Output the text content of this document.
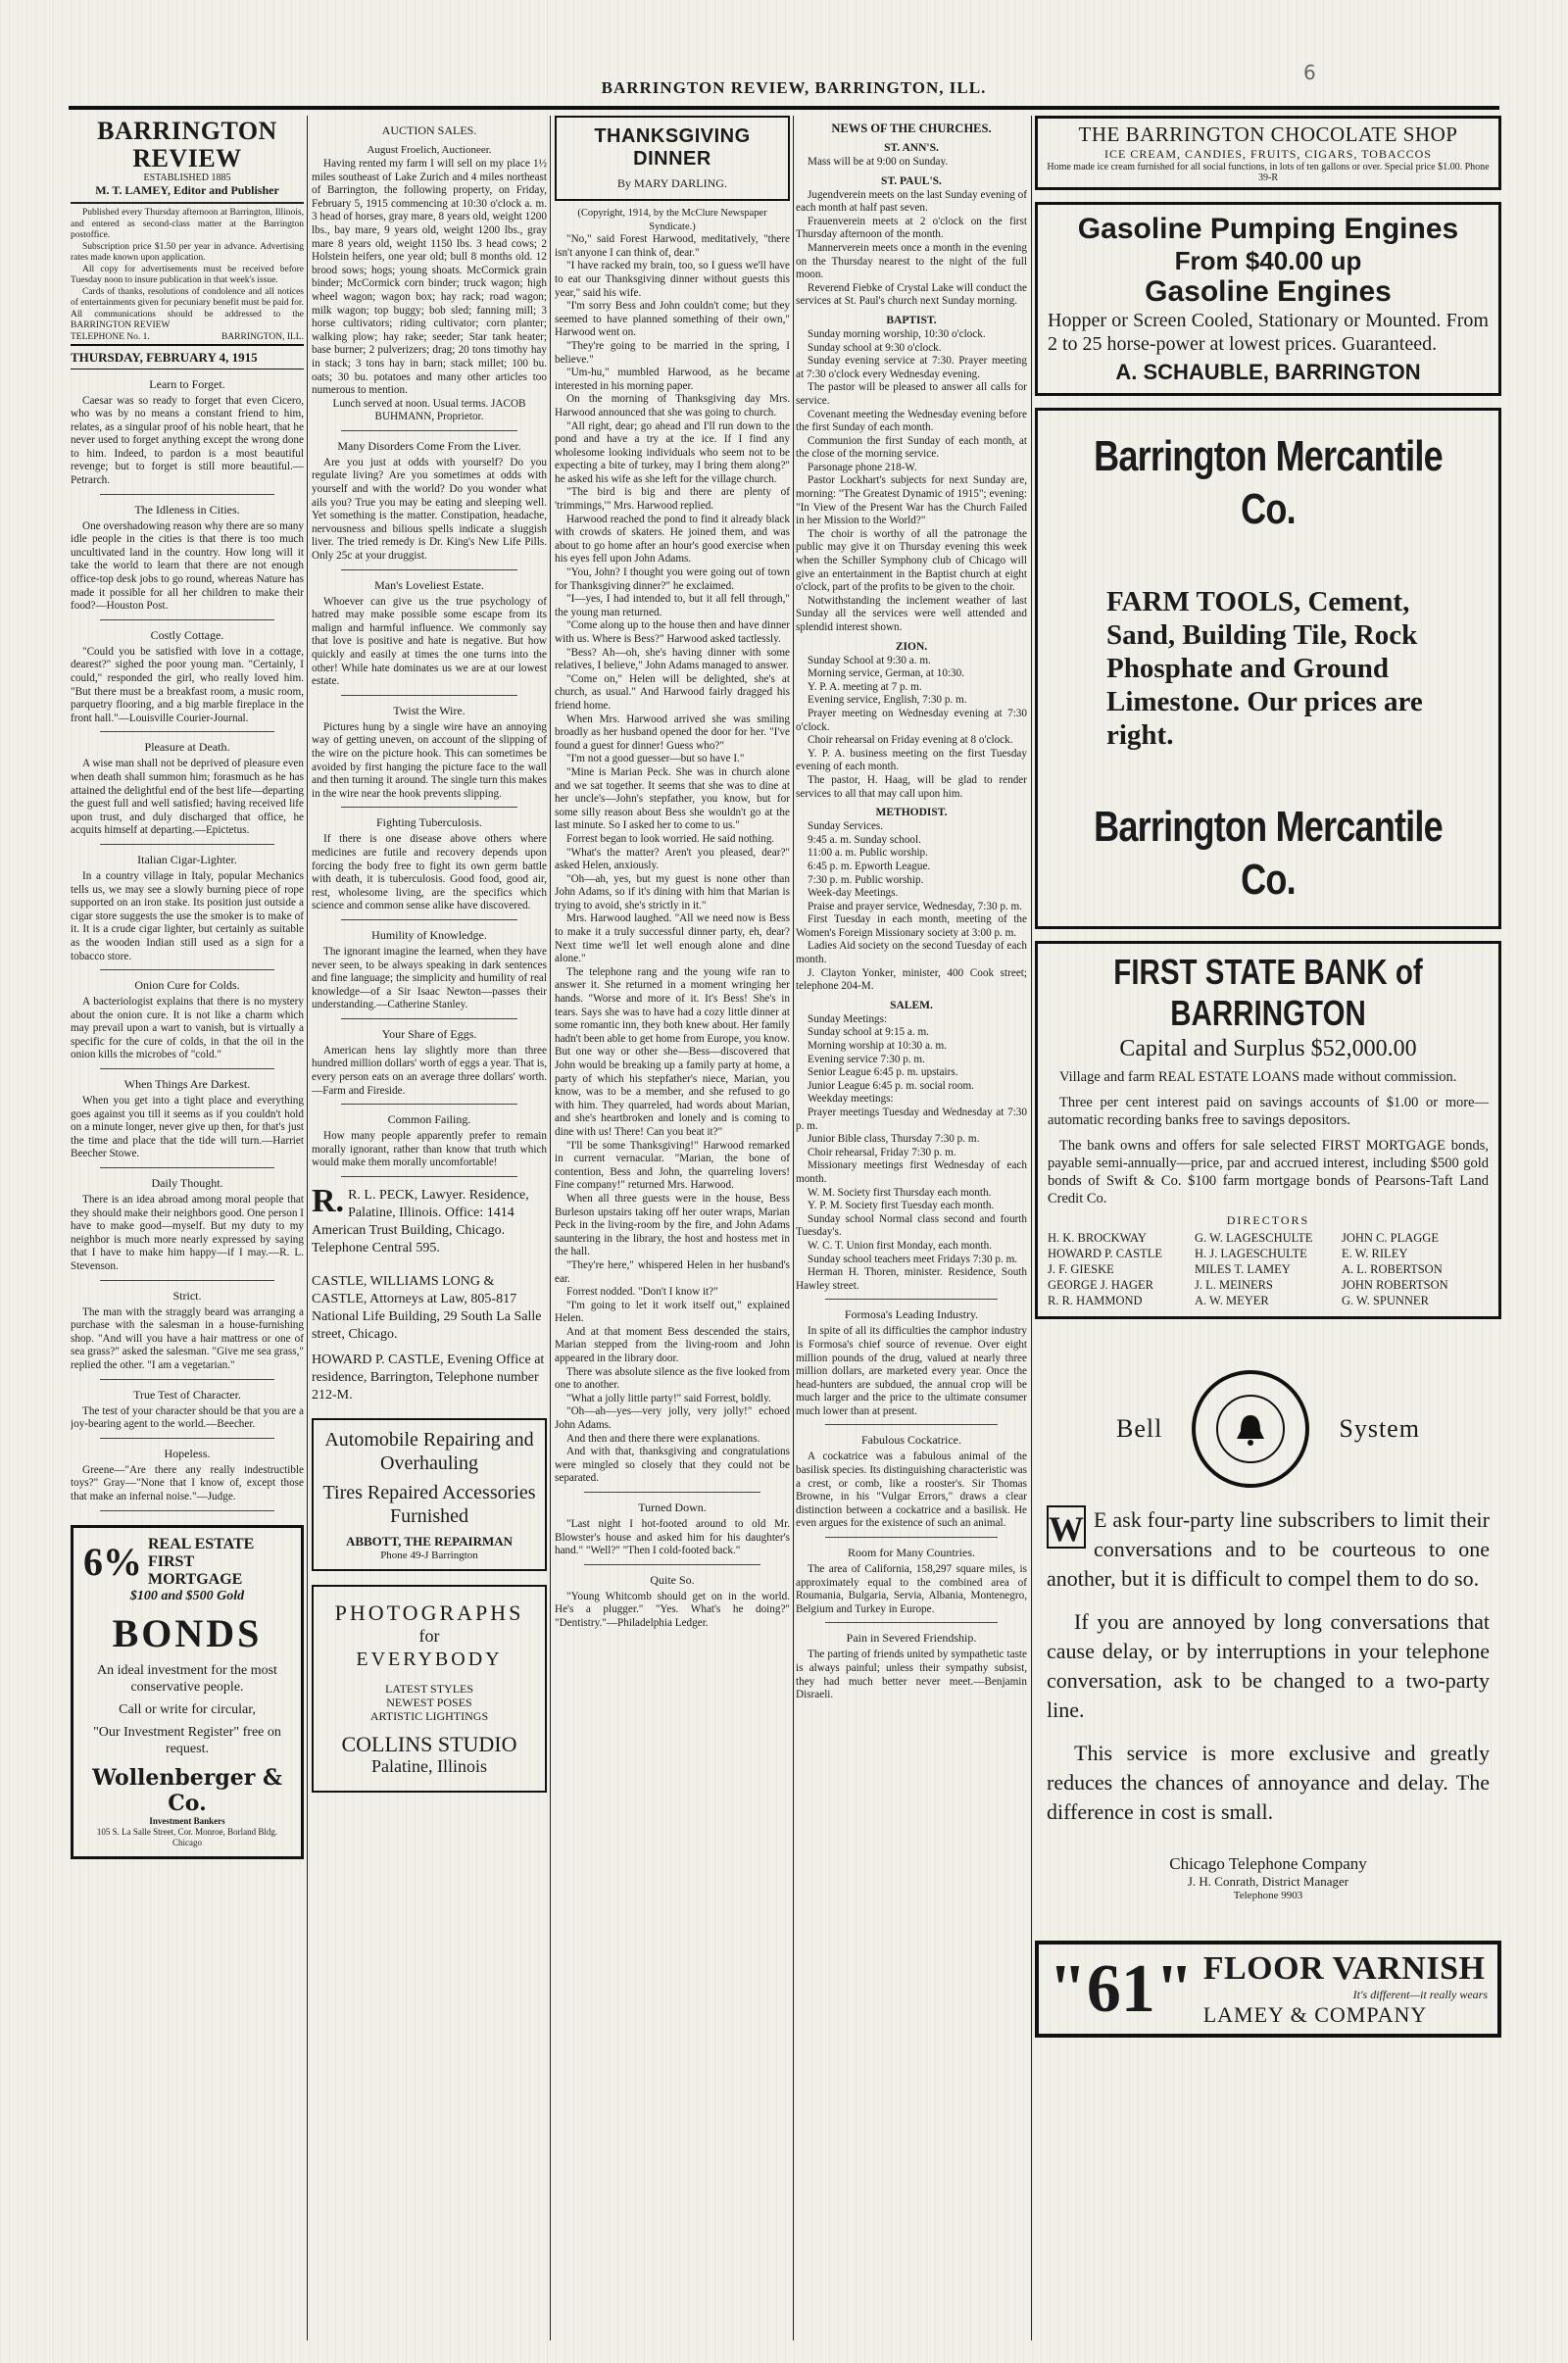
6
BARRINGTON REVIEW, BARRINGTON, ILL.
BARRINGTON REVIEW
ESTABLISHED 1885
M. T. LAMEY, Editor and Publisher

Published every Thursday afternoon at Barrington, Illinois, and entered as second-class matter at the Barrington postoffice.

Subscription price $1.50 per year in advance. Advertising rates made known upon application.

All copy for advertisements must be received before Tuesday noon to insure publication in that week's issue.

Cards of thanks, resolutions of condolence and all notices of entertainments given for pecuniary benefit must be paid for.

All communications should be addressed to the BARRINGTON REVIEW

TELEPHONE No. 1.	BARRINGTON, ILL.
THURSDAY, FEBRUARY 4, 1915
Learn to Forget.

Caesar was so ready to forget that even Cicero, who was by no means a constant friend to him, relates, as a singular proof of his noble heart, that he never used to forget anything except the wrong done to him. Indeed, to pardon is a most beautiful revenge; but to forget is still more beautiful.—Petrarch.

The Idleness in Cities.

One overshadowing reason why there are so many idle people in the cities is that there is too much uncultivated land in the country. How long will it take the world to learn that there are not enough office-top desk jobs to go round, whereas Nature has made it possible for all her children to make their food?—Houston Post.

Costly Cottage.

"Could you be satisfied with love in a cottage, dearest?" sighed the poor young man. "Certainly, I could," responded the girl, who really loved him. "But there must be a breakfast room, a music room, parquetry flooring, and a big marble fireplace in the front hall."—Louisville Courier-Journal.

Pleasure at Death.

A wise man shall not be deprived of pleasure even when death shall summon him; forasmuch as he has attained the delightful end of the best life—departing the guest full and well satisfied; having received life upon trust, and duly discharged that office, he acquits himself at departing.—Epictetus.

Italian Cigar-Lighter.

In a country village in Italy, popular Mechanics tells us, we may see a slowly burning piece of rope supported on an iron stake. Its position just outside a cigar store suggests the use the smoker is to make of it. It is a crude cigar lighter, but certainly as suitable as the wooden Indian still used as a sign for a tobacco store.

Onion Cure for Colds.

A bacteriologist explains that there is no mystery about the onion cure. It is not like a charm which may prevail upon a wart to vanish, but is virtually a specific for the cure of colds, in that the oil in the onion kills the microbes of "cold."

When Things Are Darkest.

When you get into a tight place and everything goes against you till it seems as if you couldn't hold on a minute longer, never give up then, for that's just the time and place that the tide will turn.—Harriet Beecher Stowe.

Daily Thought.

There is an idea abroad among moral people that they should make their neighbors good. One person I have to make good—myself. But my duty to my neighbor is much more nearly expressed by saying that I have to make him happy—if I may.—R. L. Stevenson.

Strict.

The man with the straggly beard was arranging a purchase with the salesman in a house-furnishing shop. "And will you have a hair mattress or one of sea grass?" asked the salesman. "Give me sea grass," replied the other. "I am a vegetarian."

True Test of Character.

The test of your character should be that you are a joy-bearing agent to the world.—Beecher.

Hopeless.

Greene—"Are there any really indestructible toys?" Gray—"None that I know of, except those that make an infernal noise."—Judge.

6% REAL ESTATE
FIRST MORTGAGE
$100 and $500 Gold
BONDS
An ideal investment for the most conservative people.
Call or write for circular,
"Our Investment Register" free on request.
Wollenberger & Co.
Investment Bankers
105 S. La Salle Street, Cor. Monroe, Borland Bldg. Chicago
AUCTION SALES.
August Froelich, Auctioneer.

Having rented my farm I will sell on my place 1½ miles southeast of Lake Zurich and 4 miles northeast of Barrington, the following property, on Friday, February 5, 1915 commencing at 10:30 o'clock a. m. 3 head of horses, gray mare, 8 years old, weight 1200 lbs., bay mare, 9 years old, weight 1200 lbs., gray mare 8 years old, weight 1150 lbs. 3 head cows; 2 Holstein heifers, one year old; bull 8 months old. 12 brood sows; hogs; young shoats. McCormick grain binder; McCormick corn binder; truck wagon; high wheel wagon; wagon box; hay rack; road wagon; milk wagon; top buggy; bob sled; fanning mill; 3 horse cultivators; riding cultivator; corn planter; walking plow; hay rake; seeder; Star tank heater; base burner; 2 pulverizers; drag; 20 tons timothy hay in stack; 3 tons hay in barn; stack millet; 100 bu. oats; 30 bu. potatoes and many other articles too numerous to mention.

Lunch served at noon. Usual terms. JACOB BUHMANN, Proprietor.

Many Disorders Come From the Liver.

Are you just at odds with yourself? Do you regulate living? Are you sometimes at odds with yourself and with the world? Do you wonder what ails you? True you may be eating and sleeping well. Yet something is the matter. Constipation, headache, nervousness and bilious spells indicate a sluggish liver. The tried remedy is Dr. King's New Life Pills. Only 25c at your druggist.

Man's Loveliest Estate.

Whoever can give us the true psychology of hatred may make possible some escape from its malign and harmful influence. We commonly say that love is positive and hate is negative. But how quickly and easily at times the one turns into the other! While hate dominates us we are at our lowest estate.

Twist the Wire.

Pictures hung by a single wire have an annoying way of getting uneven, on account of the slipping of the wire on the picture hook. This can sometimes be avoided by first hanging the picture face to the wall and then turning it around. The single turn this makes in the wire near the hook prevents slipping.

Fighting Tuberculosis.

If there is one disease above others where medicines are futile and recovery depends upon forcing the body free to fight its own germ battle with death, it is tuberculosis. Good food, good air, rest, wholesome living, are the specifics which science and common sense alike have discovered.

Humility of Knowledge.

The ignorant imagine the learned, when they have never seen, to be always speaking in dark sentences and fine language; the simplicity and humility of real knowledge—of a Sir Isaac Newton—passes their understanding.—Catherine Stanley.

Your Share of Eggs.

American hens lay slightly more than three hundred million dollars' worth of eggs a year. That is, every person eats on an average three dollars' worth.—Farm and Fireside.

Common Failing.

How many people apparently prefer to remain morally ignorant, rather than know that truth which would make them morally uncomfortable!

R. R. L. PECK, Lawyer. Residence, Palatine, Illinois. Office: 1414 American Trust Building, Chicago. Telephone Central 595.
CASTLE, WILLIAMS LONG & CASTLE, Attorneys at Law, 805-817 National Life Building, 29 South La Salle street, Chicago.
HOWARD P. CASTLE, Evening Office at residence, Barrington, Telephone number 212-M.
Automobile Repairing and Overhauling
Tires Repaired Accessories Furnished
ABBOTT, THE REPAIRMAN
Phone 49-J Barrington
PHOTOGRAPHS
for
EVERYBODY
LATEST STYLES
NEWEST POSES
ARTISTIC LIGHTINGS
COLLINS STUDIO
Palatine, Illinois
THANKSGIVING DINNER
By MARY DARLING.

(Copyright, 1914, by the McClure Newspaper Syndicate.)

"No," said Forest Harwood, meditatively, "there isn't anyone I can think of, dear."

"I have racked my brain, too, so I guess we'll have to eat our Thanksgiving dinner without guests this year," said his wife.

"I'm sorry Bess and John couldn't come; but they seemed to have planned something of their own," Harwood went on.

"They're going to be married in the spring, I believe."

"Um-hu," mumbled Harwood, as he became interested in his morning paper.

On the morning of Thanksgiving day Mrs. Harwood announced that she was going to church.

"All right, dear; go ahead and I'll run down to the pond and have a try at the ice. If I find any wholesome looking individuals who seem not to be expecting a bite of turkey, may I bring them along?" he asked his wife as she left for the village church.

"The bird is big and there are plenty of 'trimmings,'" Mrs. Harwood replied.

Harwood reached the pond to find it already black with crowds of skaters. He joined them, and was about to go home after an hour's good exercise when his eyes fell upon John Adams.

"You, John? I thought you were going out of town for Thanksgiving dinner?" he exclaimed.

"I—yes, I had intended to, but it all fell through," the young man returned.

"Come along up to the house then and have dinner with us. Where is Bess?" Harwood asked tactlessly.

"Bess? Ah—oh, she's having dinner with some relatives, I believe," John Adams managed to answer.

"Come on," Helen will be delighted, she's at church, as usual." And Harwood fairly dragged his friend home.

When Mrs. Harwood arrived she was smiling broadly as her husband opened the door for her. "I've found a guest for dinner! Guess who?"

"I'm not a good guesser—but so have I."

"Mine is Marian Peck. She was in church alone and we sat together. It seems that she was to dine at her uncle's—John's stepfather, you know, but for some silly reason about Bess she wouldn't go at the last minute. So I asked her to come to us."

Forrest began to look worried. He said nothing.

"What's the matter? Aren't you pleased, dear?" asked Helen, anxiously.

"Oh—ah, yes, but my guest is none other than John Adams, so if it's dining with him that Marian is trying to avoid, she's strictly in it."

Mrs. Harwood laughed. "All we need now is Bess to make it a truly successful dinner party, eh, dear? Next time we'll let well enough alone and dine alone."

The telephone rang and the young wife ran to answer it. She returned in a moment wringing her hands. "Worse and more of it. It's Bess! She's in tears. Says she was to have had a cozy little dinner at some romantic inn, they both knew about. Her family hadn't been able to get home from Europe, you know. But one way or other she—Bess—discovered that John would be breaking up a family party at home, a party of which his stepfather's niece, Marian, you know, was to be a member, and she refused to go with him. They quarreled, had words about Marian, and she's heartbroken and lonely and is coming to dine with us! There! Can you beat it?"

"I'll be some Thanksgiving!" Harwood remarked in current vernacular. "Marian, the bone of contention, Bess and John, the quarreling lovers! Fine company!" returned Mrs. Harwood.

When all three guests were in the house, Bess Burleson upstairs taking off her outer wraps, Marian Peck in the living-room by the fire, and John Adams sauntering in the library, the host and hostess met in the hall.

"They're here," whispered Helen in her husband's ear.

Forrest nodded. "Don't I know it?"

"I'm going to let it work itself out," explained Helen.

And at that moment Bess descended the stairs, Marian stepped from the living-room and John appeared in the library door.

There was absolute silence as the five looked from one to another.

"What a jolly little party!" said Forrest, boldly.

"Oh—ah—yes—very jolly, very jolly!" echoed John Adams.

And then and there there were explanations.

And with that, thanksgiving and congratulations were mingled so closely that they could not be separated.

Turned Down.

"Last night I hot-footed around to old Mr. Blowster's house and asked him for his daughter's hand." "Well?" "Then I cold-footed back."

Quite So.

"Young Whitcomb should get on in the world. He's a plugger." "Yes. What's he doing?" "Dentistry."—Philadelphia Ledger.

NEWS OF THE CHURCHES.
ST. ANN'S.

Mass will be at 9:00 on Sunday.

ST. PAUL'S.

Jugendverein meets on the last Sunday evening of each month at half past seven.

Frauenverein meets at 2 o'clock on the first Thursday afternoon of the month.

Mannerverein meets once a month in the evening on the Thursday nearest to the night of the full moon.

Reverend Fiebke of Crystal Lake will conduct the services at St. Paul's church next Sunday morning.

BAPTIST.

Sunday morning worship, 10:30 o'clock.

Sunday school at 9:30 o'clock.

Sunday evening service at 7:30. Prayer meeting at 7:30 o'clock every Wednesday evening.

The pastor will be pleased to answer all calls for service.

Covenant meeting the Wednesday evening before the first Sunday of each month.

Communion the first Sunday of each month, at the close of the morning service.

Parsonage phone 218-W.

Pastor Lockhart's subjects for next Sunday are, morning: "The Greatest Dynamic of 1915"; evening: "In View of the Present War has the Church Failed in her Mission to the World?"

The choir is worthy of all the patronage the public may give it on Thursday evening this week when the Schiller Symphony club of Chicago will give an entertainment in the Baptist church at eight o'clock, part of the profits to be given to the choir.

Notwithstanding the inclement weather of last Sunday all the services were well attended and splendid interest shown.

ZION.

Sunday School at 9:30 a. m.

Morning service, German, at 10:30.

Y. P. A. meeting at 7 p. m.

Evening service, English, 7:30 p. m.

Prayer meeting on Wednesday evening at 7:30 o'clock.

Choir rehearsal on Friday evening at 8 o'clock.

Y. P. A. business meeting on the first Tuesday evening of each month.

The pastor, H. Haag, will be glad to render services to all that may call upon him.

METHODIST.

Sunday Services.

9:45 a. m. Sunday school.

11:00 a. m. Public worship.

6:45 p. m. Epworth League.

7:30 p. m. Public worship.

Week-day Meetings.

Praise and prayer service, Wednesday, 7:30 p. m.

First Tuesday in each month, meeting of the Women's Foreign Missionary society at 3:00 p. m.

Ladies Aid society on the second Tuesday of each month.

J. Clayton Yonker, minister, 400 Cook street; telephone 204-M.

SALEM.

Sunday Meetings:

Sunday school at 9:15 a. m.

Morning worship at 10:30 a. m.

Evening service 7:30 p. m.

Senior League 6:45 p. m. upstairs.

Junior League 6:45 p. m. social room.

Weekday meetings:

Prayer meetings Tuesday and Wednesday at 7:30 p. m.

Junior Bible class, Thursday 7:30 p. m.

Choir rehearsal, Friday 7:30 p. m.

Missionary meetings first Wednesday of each month.

W. M. Society first Thursday each month.

Y. P. M. Society first Tuesday each month.

Sunday school Normal class second and fourth Tuesday's.

W. C. T. Union first Monday, each month.

Sunday school teachers meet Fridays 7:30 p. m.

Herman H. Thoren, minister. Residence, South Hawley street.

Formosa's Leading Industry.

In spite of all its difficulties the camphor industry is Formosa's chief source of revenue. Over eight million pounds of the drug, valued at nearly three million dollars, are marketed every year. Once the head-hunters are subdued, the annual crop will be much larger and the price to the ultimate consumer much lower than at present.

Fabulous Cockatrice.

A cockatrice was a fabulous animal of the basilisk species. Its distinguishing characteristic was a crest, or comb, like a rooster's. Sir Thomas Browne, in his "Vulgar Errors," draws a clear distinction between a cockatrice and a basilisk. He even argues for the existence of such an animal.

Room for Many Countries.

The area of California, 158,297 square miles, is approximately equal to the combined area of Roumania, Bulgaria, Servia, Albania, Montenegro, Belgium and Turkey in Europe.

Pain in Severed Friendship.

The parting of friends united by sympathetic taste is always painful; unless their sympathy subsist, they had much better never meet.—Benjamin Disraeli.

THE BARRINGTON CHOCOLATE SHOP
ICE CREAM, CANDIES, FRUITS, CIGARS, TOBACCOS
Home made ice cream furnished for all social functions, in lots of ten gallons or over. Special price $1.00. Phone 39-R
Gasoline Pumping Engines
From $40.00 up
Gasoline Engines
Hopper or Screen Cooled, Stationary or Mounted. From 2 to 25 horse-power at lowest prices. Guaranteed.
A. SCHAUBLE, BARRINGTON
Barrington Mercantile Co.
FARM TOOLS, Cement, Sand, Building Tile, Rock Phosphate and Ground Limestone. Our prices are right.
Barrington Mercantile Co.
FIRST STATE BANK of BARRINGTON
Capital and Surplus $52,000.00

Village and farm REAL ESTATE LOANS made without commission.

Three per cent interest paid on savings accounts of $1.00 or more—automatic recording banks free to savings depositors.

The bank owns and offers for sale selected FIRST MORTGAGE bonds, payable semi-annually—price, par and accrued interest, including $500 gold bonds of Swift & Co. $100 farm mortgage bonds of Pearsons-Taft Land Credit Co.

DIRECTORS
H. K. BROCKWAY	G. W. LAGESCHULTE	JOHN C. PLAGGE
HOWARD P. CASTLE	H. J. LAGESCHULTE	E. W. RILEY
J. F. GIESKE	MILES T. LAMEY	A. L. ROBERTSON
GEORGE J. HAGER	J. L. MEINERS	JOHN ROBERTSON
R. R. HAMMOND	A. W. MEYER	G. W. SPUNNER
Bell	System

W E ask four-party line subscribers to limit their conversations and to be courteous to one another, but it is difficult to compel them to do so.

If you are annoyed by long conversations that cause delay, or by interruptions in your telephone conversation, ask to be changed to a two-party line.

This service is more exclusive and greatly reduces the chances of annoyance and delay. The difference in cost is small.

Chicago Telephone Company
J. H. Conrath, District Manager
Telephone 9903
"61" FLOOR VARNISH
It's different—it really wears
LAMEY & COMPANY
